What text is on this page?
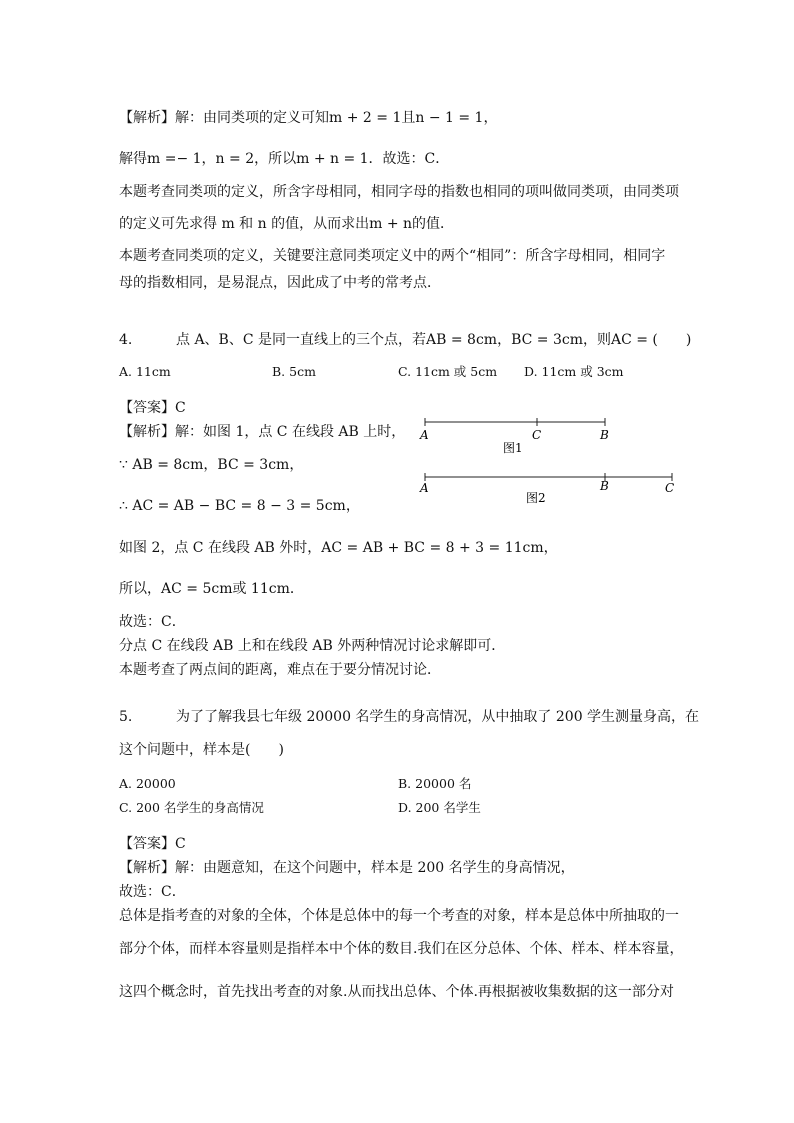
【解析】解：由同类项的定义可知m + 2 = 1且n − 1 = 1，
解得m =− 1，n = 2，所以m + n = 1．故选：C．
本题考查同类项的定义，所含字母相同，相同字母的指数也相同的项叫做同类项，由同类项
的定义可先求得 m 和 n 的值，从而求出m + n的值．
本题考查同类项的定义，关键要注意同类项定义中的两个“相同”：所含字母相同，相同字
母的指数相同，是易混点，因此成了中考的常考点．
4.	点 A、B、C 是同一直线上的三个点，若AB = 8cm，BC = 3cm，则AC = (　　)
A. 11cm	B. 5cm	C. 11cm 或 5cm D. 11cm 或 3cm
【答案】C
【解析】解：如图 1，点 C 在线段 AB 上时，
∵ AB = 8cm，BC = 3cm，
∴ AC = AB − BC = 8 − 3 = 5cm，
如图 2，点 C 在线段 AB 外时，AC = AB + BC = 8 + 3 = 11cm，
所以，AC = 5cm或 11cm．
故选：C．
分点 C 在线段 AB 上和在线段 AB 外两种情况讨论求解即可．
本题考查了两点间的距离，难点在于要分情况讨论．
A	C	B
图1
A	B	C
图2
5.	为了了解我县七年级 20000 名学生的身高情况，从中抽取了 200 学生测量身高，在
这个问题中，样本是(　　)
A. 20000	B. 20000 名
C. 200 名学生的身高情况	D. 200 名学生
【答案】C
【解析】解：由题意知，在这个问题中，样本是 200 名学生的身高情况，
故选：C．
总体是指考查的对象的全体，个体是总体中的每一个考查的对象，样本是总体中所抽取的一
部分个体，而样本容量则是指样本中个体的数目.我们在区分总体、个体、样本、样本容量，
这四个概念时，首先找出考查的对象.从而找出总体、个体.再根据被收集数据的这一部分对
